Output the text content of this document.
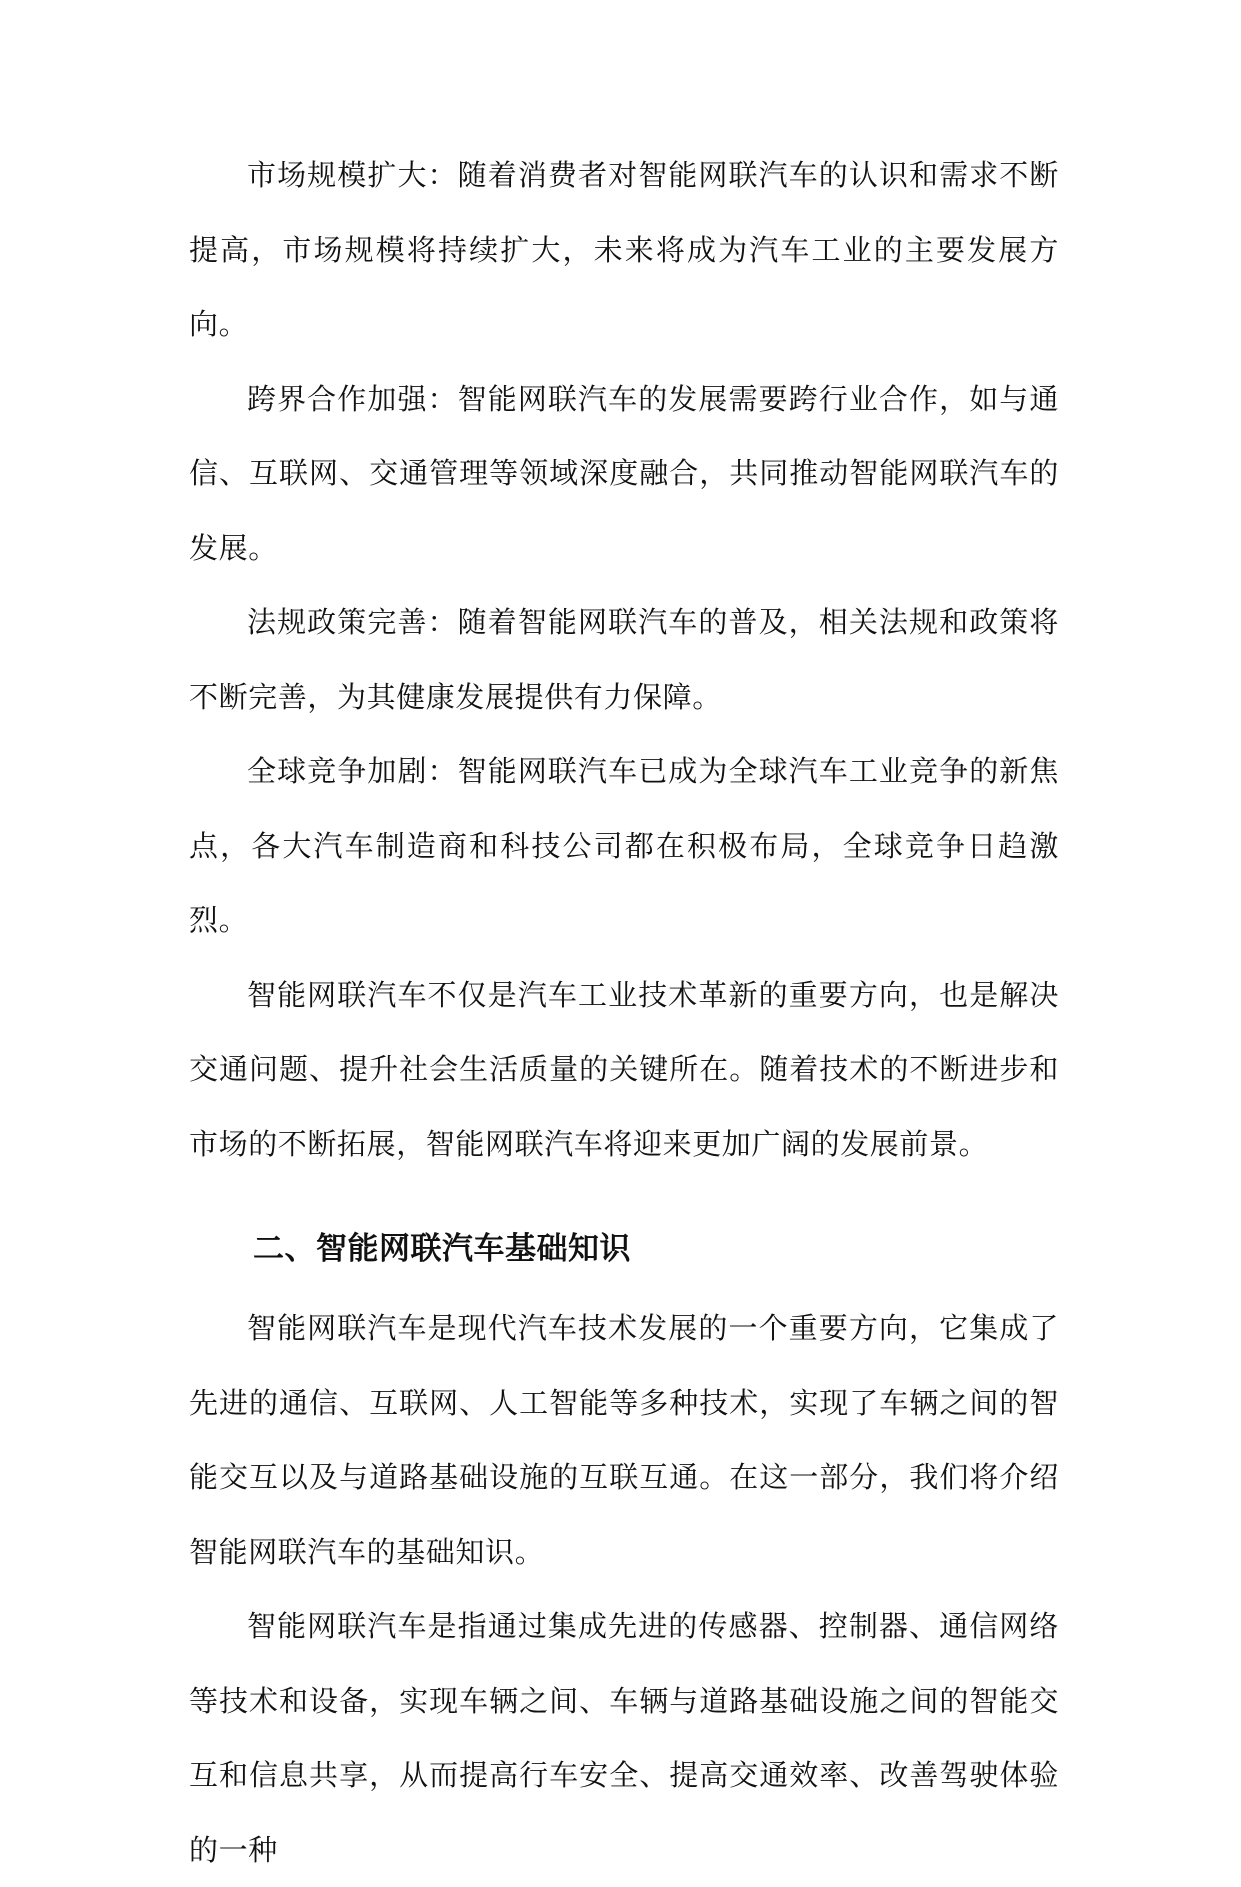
市场规模扩大：随着消费者对智能网联汽车的认识和需求不断提高，市场规模将持续扩大，未来将成为汽车工业的主要发展方向。

跨界合作加强：智能网联汽车的发展需要跨行业合作，如与通信、互联网、交通管理等领域深度融合，共同推动智能网联汽车的发展。

法规政策完善：随着智能网联汽车的普及，相关法规和政策将不断完善，为其健康发展提供有力保障。

全球竞争加剧：智能网联汽车已成为全球汽车工业竞争的新焦点，各大汽车制造商和科技公司都在积极布局，全球竞争日趋激烈。

智能网联汽车不仅是汽车工业技术革新的重要方向，也是解决交通问题、提升社会生活质量的关键所在。随着技术的不断进步和市场的不断拓展，智能网联汽车将迎来更加广阔的发展前景。

二、智能网联汽车基础知识

智能网联汽车是现代汽车技术发展的一个重要方向，它集成了先进的通信、互联网、人工智能等多种技术，实现了车辆之间的智能交互以及与道路基础设施的互联互通。在这一部分，我们将介绍智能网联汽车的基础知识。

智能网联汽车是指通过集成先进的传感器、控制器、通信网络等技术和设备，实现车辆之间、车辆与道路基础设施之间的智能交互和信息共享，从而提高行车安全、提高交通效率、改善驾驶体验的一种
